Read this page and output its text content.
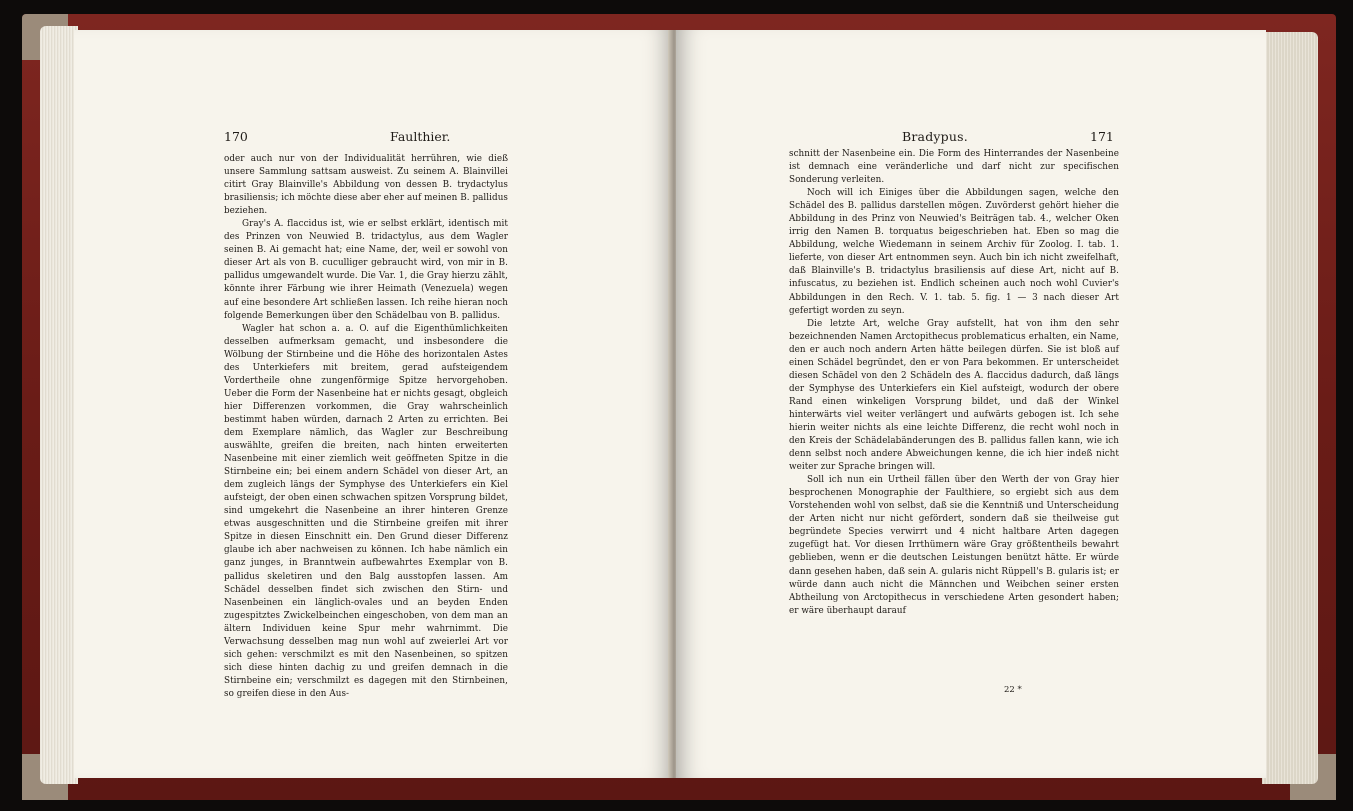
170	Faulthier.

oder auch nur von der Individualität herrühren, wie dieß unsere Sammlung sattsam ausweist. Zu seinem A. Blainvillei citirt Gray Blainville's Abbildung von dessen B. trydactylus brasiliensis; ich möchte diese aber eher auf meinen B. pallidus beziehen.

Gray's A. flaccidus ist, wie er selbst erklärt, identisch mit des Prinzen von Neuwied B. tridactylus, aus dem Wagler seinen B. Ai gemacht hat; eine Name, der, weil er sowohl von dieser Art als von B. cuculliger gebraucht wird, von mir in B. pallidus umgewandelt wurde. Die Var. 1, die Gray hierzu zählt, könnte ihrer Färbung wie ihrer Heimath (Venezuela) wegen auf eine besondere Art schließen lassen. Ich reihe hieran noch folgende Bemerkungen über den Schädelbau von B. pallidus.

Wagler hat schon a. a. O. auf die Eigenthümlichkeiten desselben aufmerksam gemacht, und insbesondere die Wölbung der Stirnbeine und die Höhe des horizontalen Astes des Unterkiefers mit breitem, gerad aufsteigendem Vordertheile ohne zungenförmige Spitze hervorgehoben. Ueber die Form der Nasenbeine hat er nichts gesagt, obgleich hier Differenzen vorkommen, die Gray wahrscheinlich bestimmt haben würden, darnach 2 Arten zu errichten. Bei dem Exemplare nämlich, das Wagler zur Beschreibung auswählte, greifen die breiten, nach hinten erweiterten Nasenbeine mit einer ziemlich weit geöffneten Spitze in die Stirnbeine ein; bei einem andern Schädel von dieser Art, an dem zugleich längs der Symphyse des Unterkiefers ein Kiel aufsteigt, der oben einen schwachen spitzen Vorsprung bildet, sind umgekehrt die Nasenbeine an ihrer hinteren Grenze etwas ausgeschnitten und die Stirnbeine greifen mit ihrer Spitze in diesen Einschnitt ein. Den Grund dieser Differenz glaube ich aber nachweisen zu können. Ich habe nämlich ein ganz junges, in Branntwein aufbewahrtes Exemplar von B. pallidus skeletiren und den Balg ausstopfen lassen. Am Schädel desselben findet sich zwischen den Stirn- und Nasenbeinen ein länglich-ovales und an beyden Enden zugespitztes Zwickelbeinchen eingeschoben, von dem man an ältern Individuen keine Spur mehr wahrnimmt. Die Verwachsung desselben mag nun wohl auf zweierlei Art vor sich gehen: verschmilzt es mit den Nasenbeinen, so spitzen sich diese hinten dachig zu und greifen demnach in die Stirnbeine ein; verschmilzt es dagegen mit den Stirnbeinen, so greifen diese in den Aus-

Bradypus.	171

schnitt der Nasenbeine ein. Die Form des Hinterrandes der Nasenbeine ist demnach eine veränderliche und darf nicht zur specifischen Sonderung verleiten.

Noch will ich Einiges über die Abbildungen sagen, welche den Schädel des B. pallidus darstellen mögen. Zuvörderst gehört hieher die Abbildung in des Prinz von Neuwied's Beiträgen tab. 4., welcher Oken irrig den Namen B. torquatus beigeschrieben hat. Eben so mag die Abbildung, welche Wiedemann in seinem Archiv für Zoolog. I. tab. 1. lieferte, von dieser Art entnommen seyn. Auch bin ich nicht zweifelhaft, daß Blainville's B. tridactylus brasiliensis auf diese Art, nicht auf B. infuscatus, zu beziehen ist. Endlich scheinen auch noch wohl Cuvier's Abbildungen in den Rech. V. 1. tab. 5. fig. 1 — 3 nach dieser Art gefertigt worden zu seyn.

Die letzte Art, welche Gray aufstellt, hat von ihm den sehr bezeichnenden Namen Arctopithecus problematicus erhalten, ein Name, den er auch noch andern Arten hätte beilegen dürfen. Sie ist bloß auf einen Schädel begründet, den er von Para bekommen. Er unterscheidet diesen Schädel von den 2 Schädeln des A. flaccidus dadurch, daß längs der Symphyse des Unterkiefers ein Kiel aufsteigt, wodurch der obere Rand einen winkeligen Vorsprung bildet, und daß der Winkel hinterwärts viel weiter verlängert und aufwärts gebogen ist. Ich sehe hierin weiter nichts als eine leichte Differenz, die recht wohl noch in den Kreis der Schädelabänderungen des B. pallidus fallen kann, wie ich denn selbst noch andere Abweichungen kenne, die ich hier indeß nicht weiter zur Sprache bringen will.

Soll ich nun ein Urtheil fällen über den Werth der von Gray hier besprochenen Monographie der Faulthiere, so ergiebt sich aus dem Vorstehenden wohl von selbst, daß sie die Kenntniß und Unterscheidung der Arten nicht nur nicht gefördert, sondern daß sie theilweise gut begründete Species verwirrt und 4 nicht haltbare Arten dagegen zugefügt hat. Vor diesen Irrthümern wäre Gray größtentheils bewahrt geblieben, wenn er die deutschen Leistungen benützt hätte. Er würde dann gesehen haben, daß sein A. gularis nicht Rüppell's B. gularis ist; er würde dann auch nicht die Männchen und Weibchen seiner ersten Abtheilung von Arctopithecus in verschiedene Arten gesondert haben; er wäre überhaupt darauf

22 *
